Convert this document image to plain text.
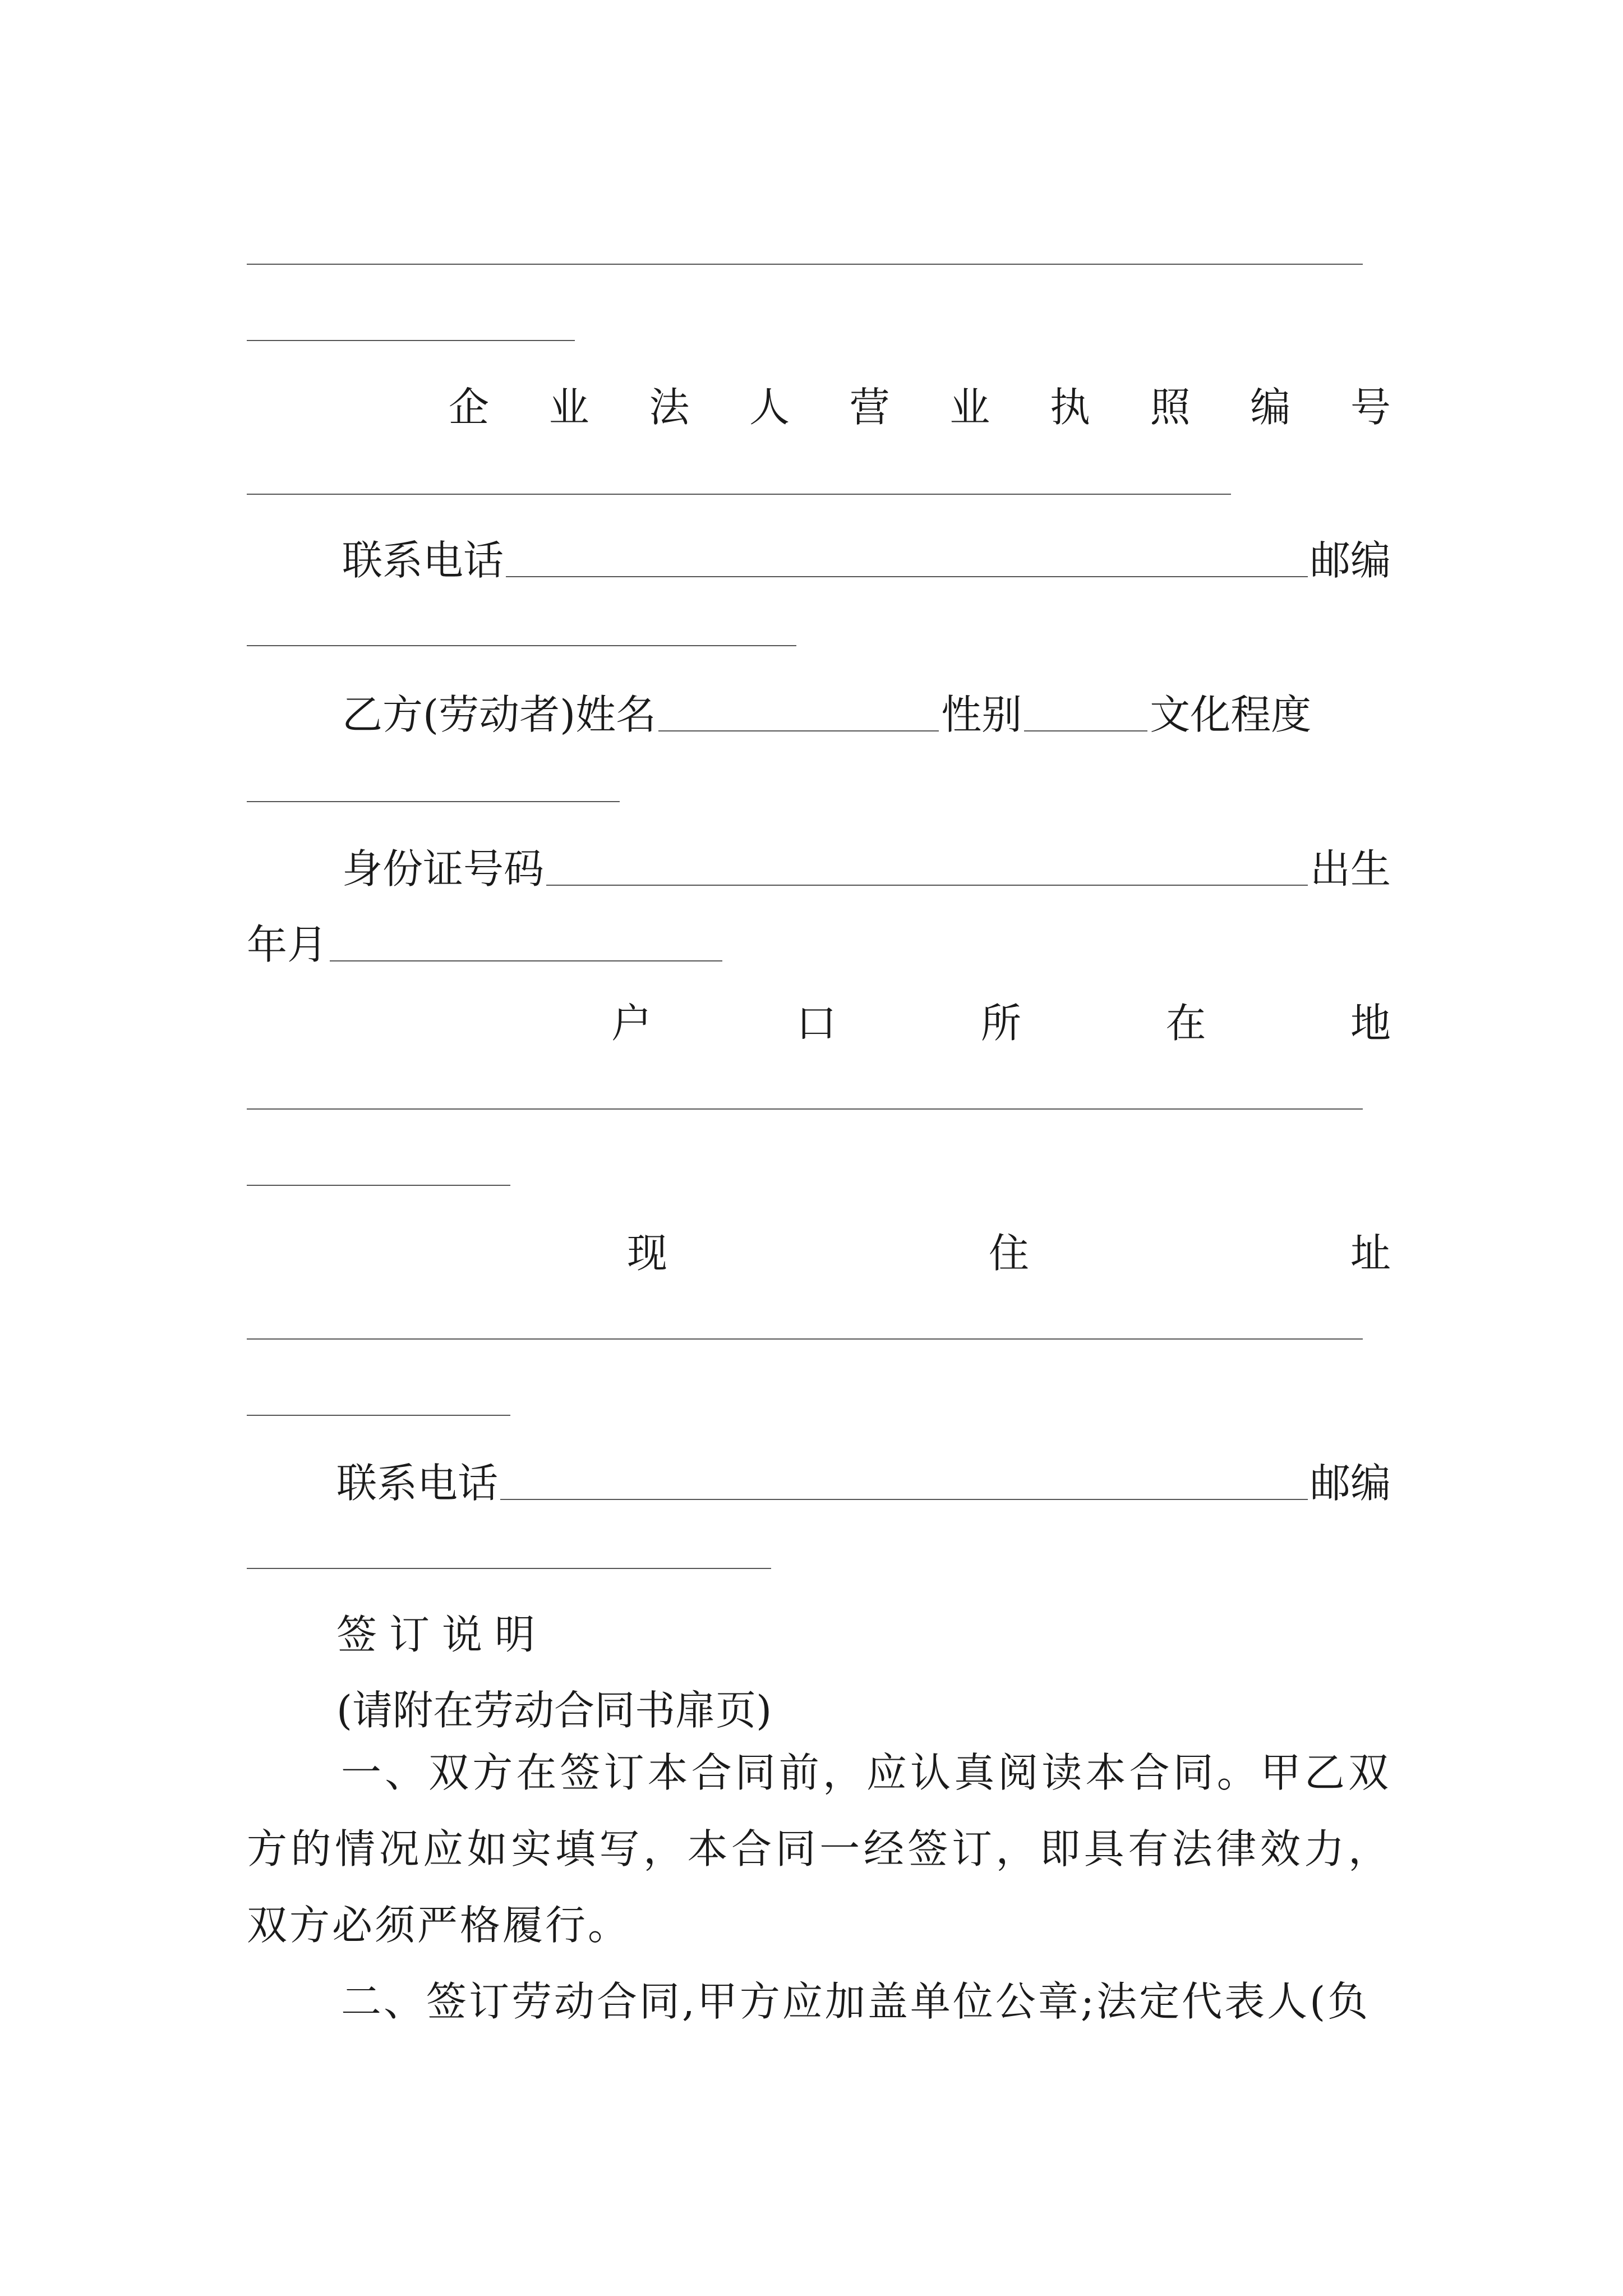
企 业 法 人 营 业 执 照 编 号
联系电话	邮编
乙方(劳动者)姓名	性别	文化程度
身份证号码	出生
年月
户	口	所	在	地
现	住	址
联系电话	邮编
签订说明
(请附在劳动合同书扉页)
一、双方在签订本合同前，应认真阅读本合同。甲乙双方的情况应如实填写，本合同一经签订，即具有法律效力，双方必须严格履行。
二、签订劳动合同,甲方应加盖单位公章;法定代表人(负
